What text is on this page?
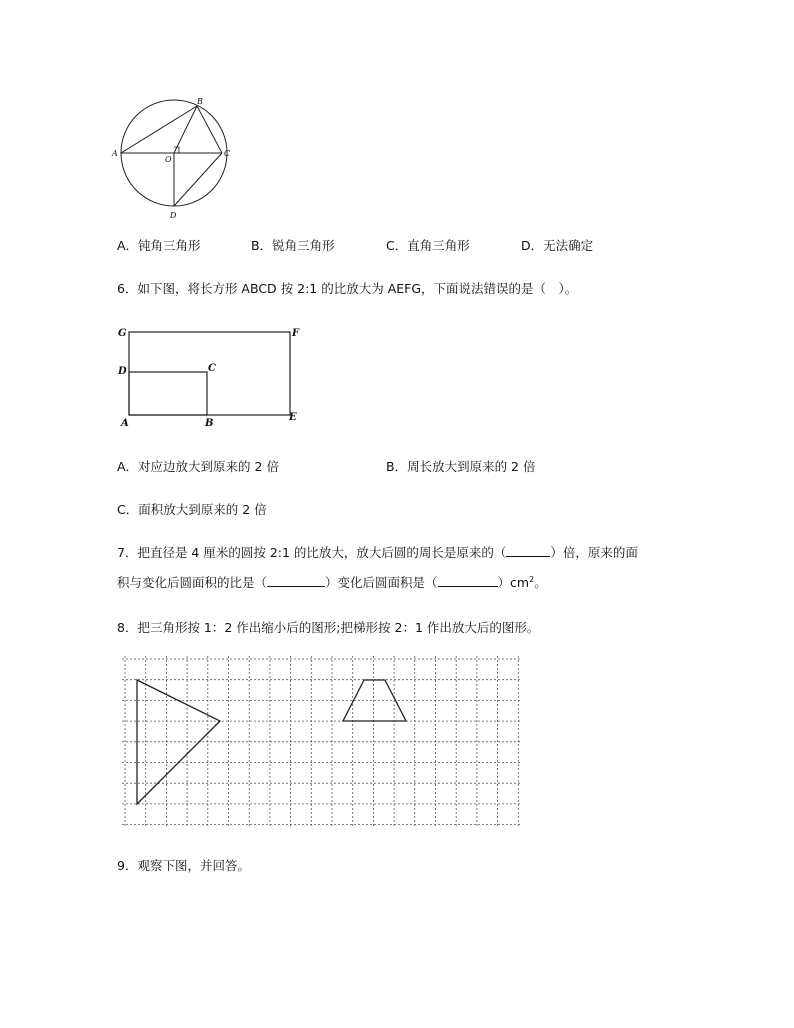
A
B
C
D
O
A．钝角三角形	B．锐角三角形	C．直角三角形	D．无法确定
6．如下图，将长方形 ABCD 按 2:1 的比放大为 AEFG，下面说法错误的是（　）。
G	F
D	C
A	B
E
A．对应边放大到原来的 2 倍	B．周长放大到原来的 2 倍
C．面积放大到原来的 2 倍
7．把直径是 4 厘米的圆按 2:1 的比放大，放大后圆的周长是原来的（	）倍，原来的面
积与变化后圆面积的比是（	）变化后圆面积是（	）$cm^2$。
8．把三角形按 1：2 作出缩小后的图形;把梯形按 2：1 作出放大后的图形。
9．观察下图，并回答。
